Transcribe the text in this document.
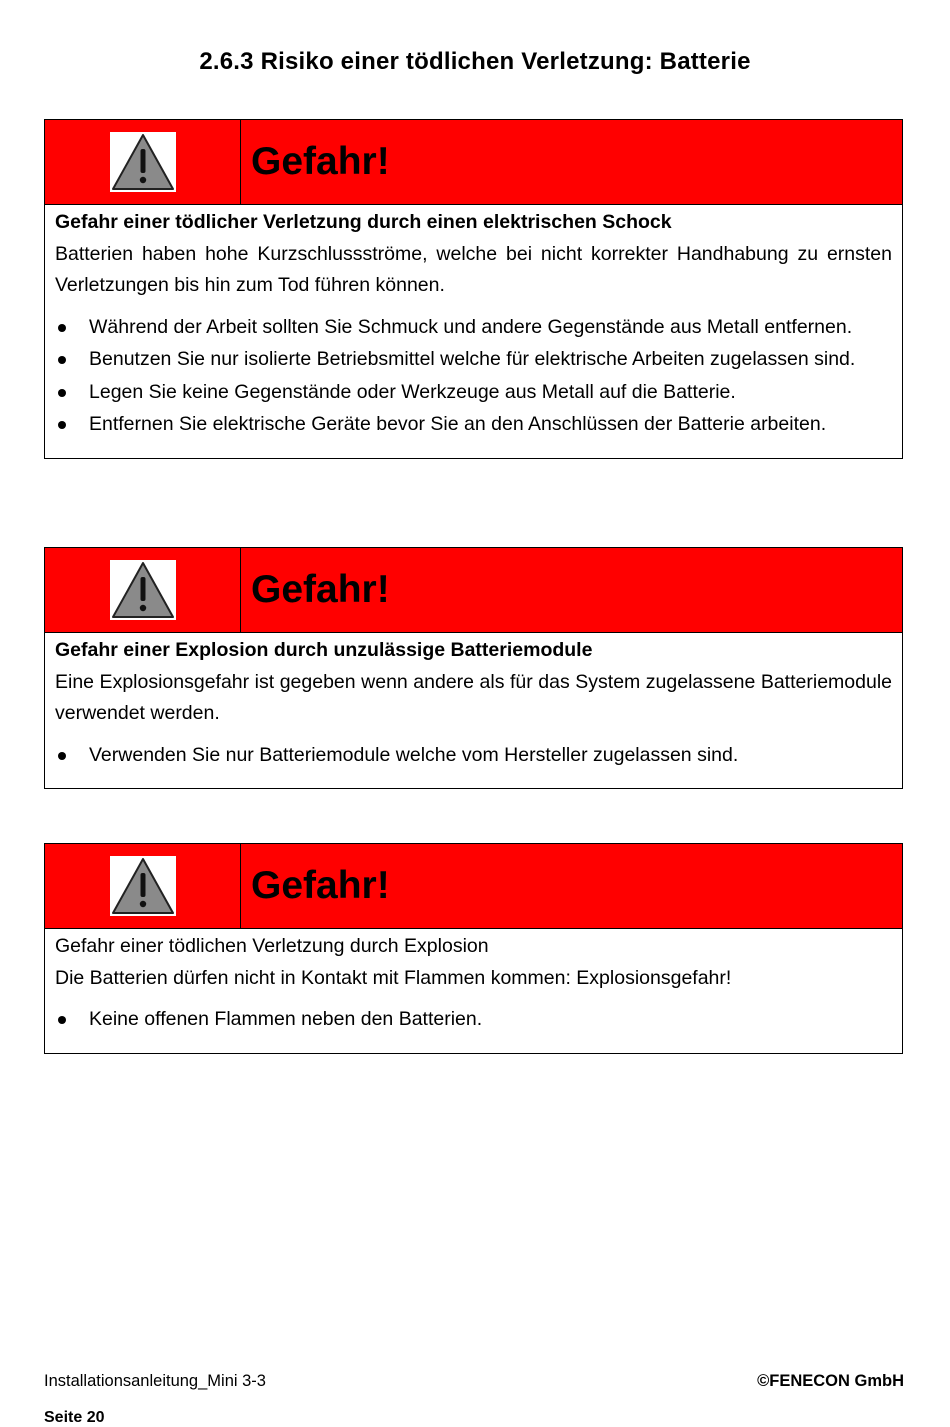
2.6.3 Risiko einer tödlichen Verletzung: Batterie
Gefahr!
Gefahr einer tödlicher Verletzung durch einen elektrischen Schock
Batterien haben hohe Kurzschlussströme, welche bei nicht korrekter Handhabung zu ernsten Verletzungen bis hin zum Tod führen können.
Während der Arbeit sollten Sie Schmuck und andere Gegenstände aus Metall entfernen.
Benutzen Sie nur isolierte Betriebsmittel welche für elektrische Arbeiten zugelassen sind.
Legen Sie keine Gegenstände oder Werkzeuge aus Metall auf die Batterie.
Entfernen Sie elektrische Geräte bevor Sie an den Anschlüssen der Batterie arbeiten.
Gefahr!
Gefahr einer Explosion durch unzulässige Batteriemodule
Eine Explosionsgefahr ist gegeben wenn andere als für das System zugelassene Batteriemodule verwendet werden.
Verwenden Sie nur Batteriemodule welche vom Hersteller zugelassen sind.
Gefahr!
Gefahr einer tödlichen Verletzung durch Explosion
Die Batterien dürfen nicht in Kontakt mit Flammen kommen: Explosionsgefahr!
Keine offenen Flammen neben den Batterien.
Installationsanleitung_Mini 3-3	©FENECON GmbH
Seite 20
